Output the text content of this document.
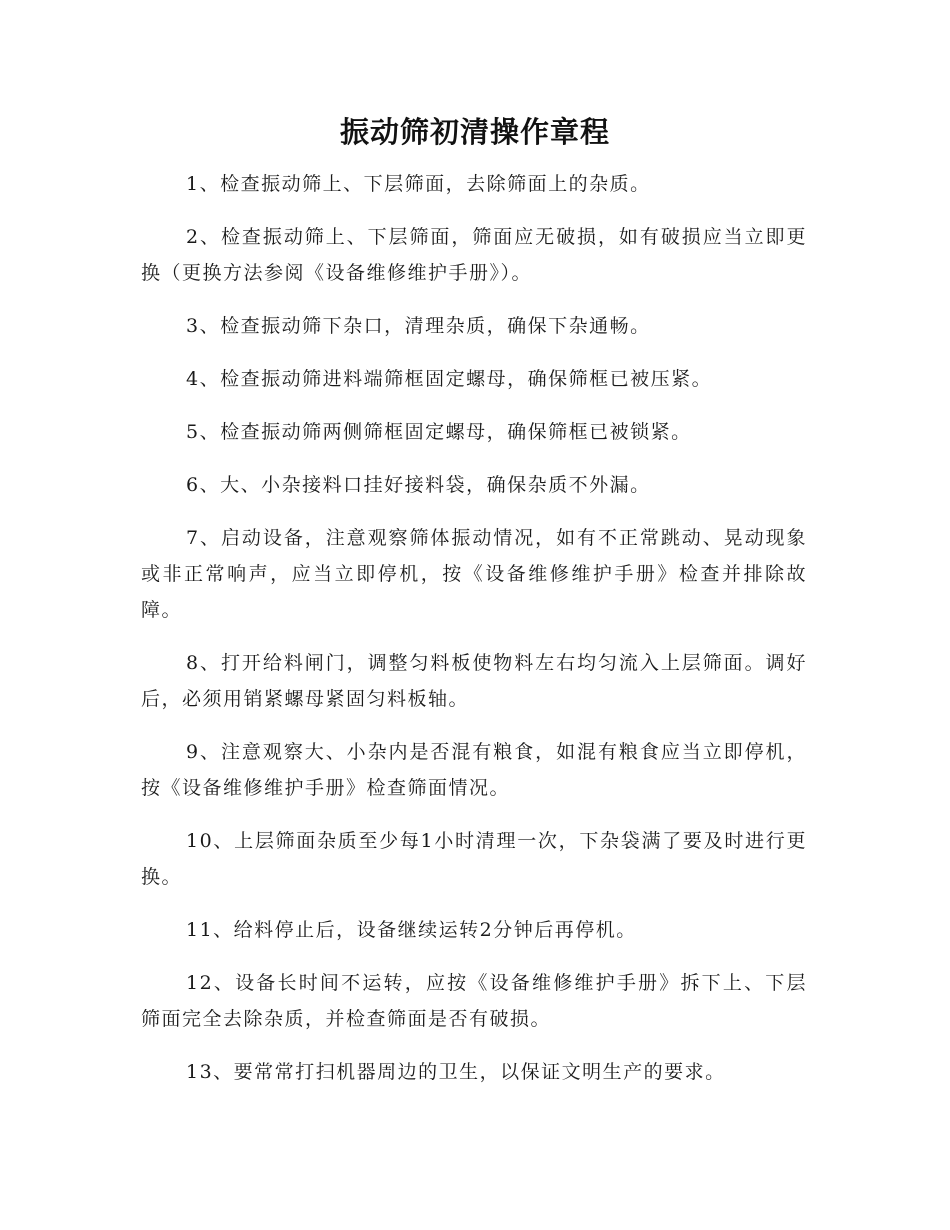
振动筛初清操作章程

1、检查振动筛上、下层筛面，去除筛面上的杂质。

2、检查振动筛上、下层筛面，筛面应无破损，如有破损应当立即更换（更换方法参阅《设备维修维护手册》）。

3、检查振动筛下杂口，清理杂质，确保下杂通畅。

4、检查振动筛进料端筛框固定螺母，确保筛框已被压紧。

5、检查振动筛两侧筛框固定螺母，确保筛框已被锁紧。

6、大、小杂接料口挂好接料袋，确保杂质不外漏。

7、启动设备，注意观察筛体振动情况，如有不正常跳动、晃动现象或非正常响声，应当立即停机，按《设备维修维护手册》检查并排除故障。

8、打开给料闸门，调整匀料板使物料左右均匀流入上层筛面。调好后，必须用销紧螺母紧固匀料板轴。

9、注意观察大、小杂内是否混有粮食，如混有粮食应当立即停机，按《设备维修维护手册》检查筛面情况。

10、上层筛面杂质至少每1小时清理一次，下杂袋满了要及时进行更换。

11、给料停止后，设备继续运转2分钟后再停机。

12、设备长时间不运转，应按《设备维修维护手册》拆下上、下层筛面完全去除杂质，并检查筛面是否有破损。

13、要常常打扫机器周边的卫生，以保证文明生产的要求。
